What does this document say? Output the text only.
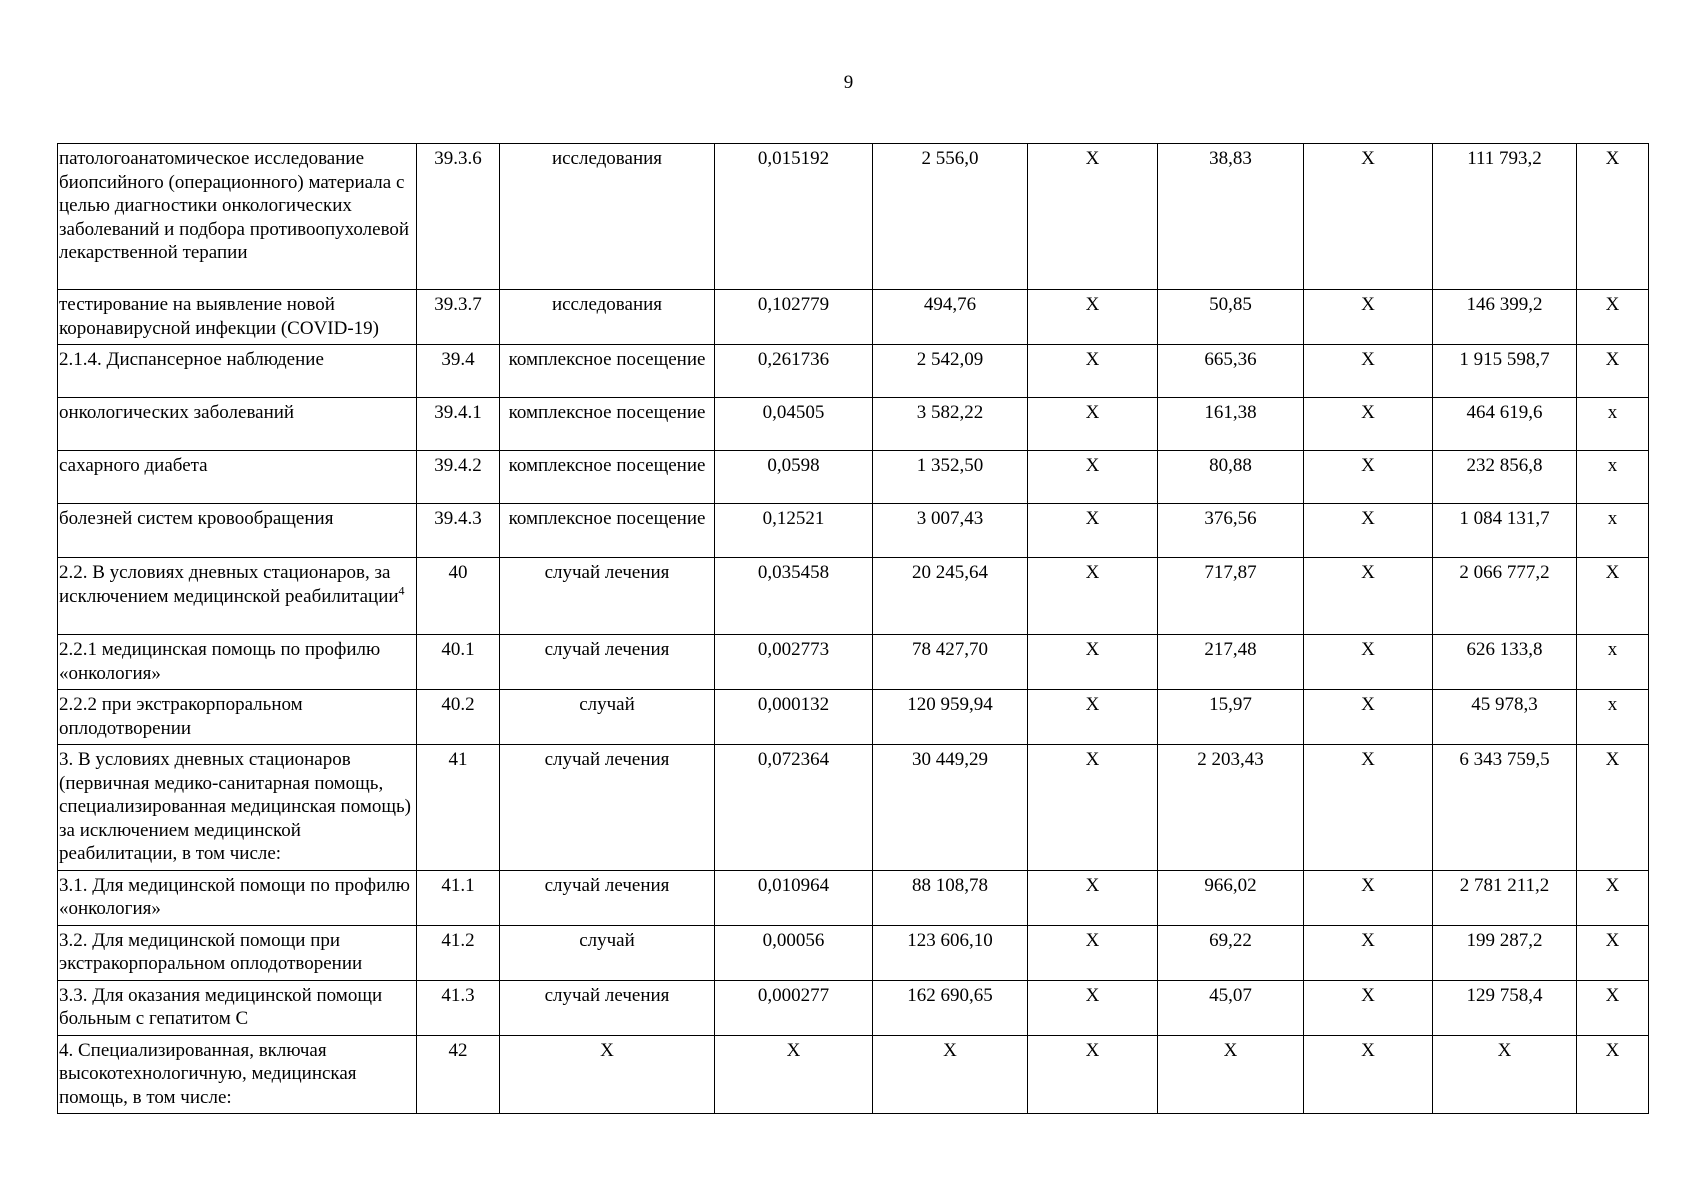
9
патологоанатомическое исследование биопсийного (операционного) материала с целью диагностики онкологических заболеваний и подбора противоопухолевой лекарственной терапии	39.3.6	исследования	0,015192	2 556,0	Х	38,83	Х	111 793,2	Х
тестирование на выявление новой коронавирусной инфекции (COVID-19)	39.3.7	исследования	0,102779	494,76	Х	50,85	Х	146 399,2	Х
2.1.4. Диспансерное наблюдение	39.4	комплексное посещение	0,261736	2 542,09	Х	665,36	Х	1 915 598,7	Х
онкологических заболеваний	39.4.1	комплексное посещение	0,04505	3 582,22	Х	161,38	Х	464 619,6	х
сахарного диабета	39.4.2	комплексное посещение	0,0598	1 352,50	Х	80,88	Х	232 856,8	х
болезней систем кровообращения	39.4.3	комплексное посещение	0,12521	3 007,43	Х	376,56	Х	1 084 131,7	х
2.2. В условиях дневных стационаров, за исключением медицинской реабилитации$^4$	40	случай лечения	0,035458	20 245,64	Х	717,87	Х	2 066 777,2	Х
2.2.1 медицинская помощь по профилю «онкология»	40.1	случай лечения	0,002773	78 427,70	Х	217,48	Х	626 133,8	х
2.2.2 при экстракорпоральном оплодотворении	40.2	случай	0,000132	120 959,94	Х	15,97	Х	45 978,3	х
3. В условиях дневных стационаров (первичная медико-санитарная помощь, специализированная медицинская помощь) за исключением медицинской реабилитации, в том числе:	41	случай лечения	0,072364	30 449,29	Х	2 203,43	Х	6 343 759,5	Х
3.1. Для медицинской помощи по профилю «онкология»	41.1	случай лечения	0,010964	88 108,78	Х	966,02	Х	2 781 211,2	Х
3.2. Для медицинской помощи при экстракорпоральном оплодотворении	41.2	случай	0,00056	123 606,10	Х	69,22	Х	199 287,2	Х
3.3. Для оказания медицинской помощи больным с гепатитом С	41.3	случай лечения	0,000277	162 690,65	Х	45,07	Х	129 758,4	Х
4. Специализированная, включая высокотехнологичную, медицинская помощь, в том числе:	42	Х	Х	Х	Х	Х	Х	Х	Х
